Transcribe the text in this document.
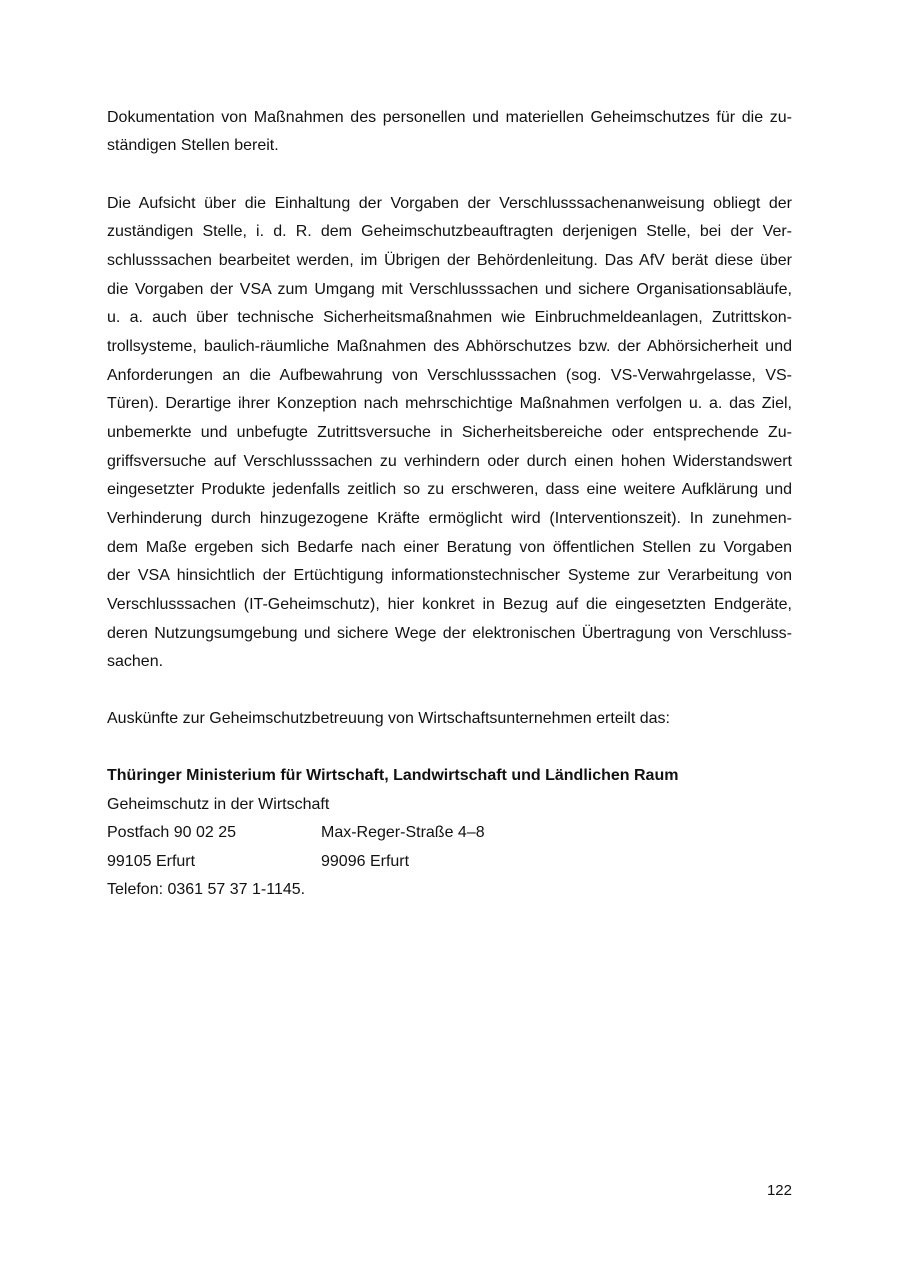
Dokumentation von Maßnahmen des personellen und materiellen Geheimschutzes für die zu-
ständigen Stellen bereit.
Die Aufsicht über die Einhaltung der Vorgaben der Verschlusssachenanweisung obliegt der
zuständigen Stelle, i. d. R. dem Geheimschutzbeauftragten derjenigen Stelle, bei der Ver-
schlusssachen bearbeitet werden, im Übrigen der Behördenleitung. Das AfV berät diese über
die Vorgaben der VSA zum Umgang mit Verschlusssachen und sichere Organisationsabläufe,
u. a. auch über technische Sicherheitsmaßnahmen wie Einbruchmeldeanlagen, Zutrittskon-
trollsysteme, baulich-räumliche Maßnahmen des Abhörschutzes bzw. der Abhörsicherheit und
Anforderungen an die Aufbewahrung von Verschlusssachen (sog. VS-Verwahrgelasse, VS-
Türen). Derartige ihrer Konzeption nach mehrschichtige Maßnahmen verfolgen u. a. das Ziel,
unbemerkte und unbefugte Zutrittsversuche in Sicherheitsbereiche oder entsprechende Zu-
griffsversuche auf Verschlusssachen zu verhindern oder durch einen hohen Widerstandswert
eingesetzter Produkte jedenfalls zeitlich so zu erschweren, dass eine weitere Aufklärung und
Verhinderung durch hinzugezogene Kräfte ermöglicht wird (Interventionszeit). In zunehmen-
dem Maße ergeben sich Bedarfe nach einer Beratung von öffentlichen Stellen zu Vorgaben
der VSA hinsichtlich der Ertüchtigung informationstechnischer Systeme zur Verarbeitung von
Verschlusssachen (IT-Geheimschutz), hier konkret in Bezug auf die eingesetzten Endgeräte,
deren Nutzungsumgebung und sichere Wege der elektronischen Übertragung von Verschluss-
sachen.
Auskünfte zur Geheimschutzbetreuung von Wirtschaftsunternehmen erteilt das:
Thüringer Ministerium für Wirtschaft, Landwirtschaft und Ländlichen Raum
Geheimschutz in der Wirtschaft
Postfach 90 02 25	Max-Reger-Straße 4–8
99105 Erfurt	99096 Erfurt
Telefon: 0361 57 37 1-1145.
122
